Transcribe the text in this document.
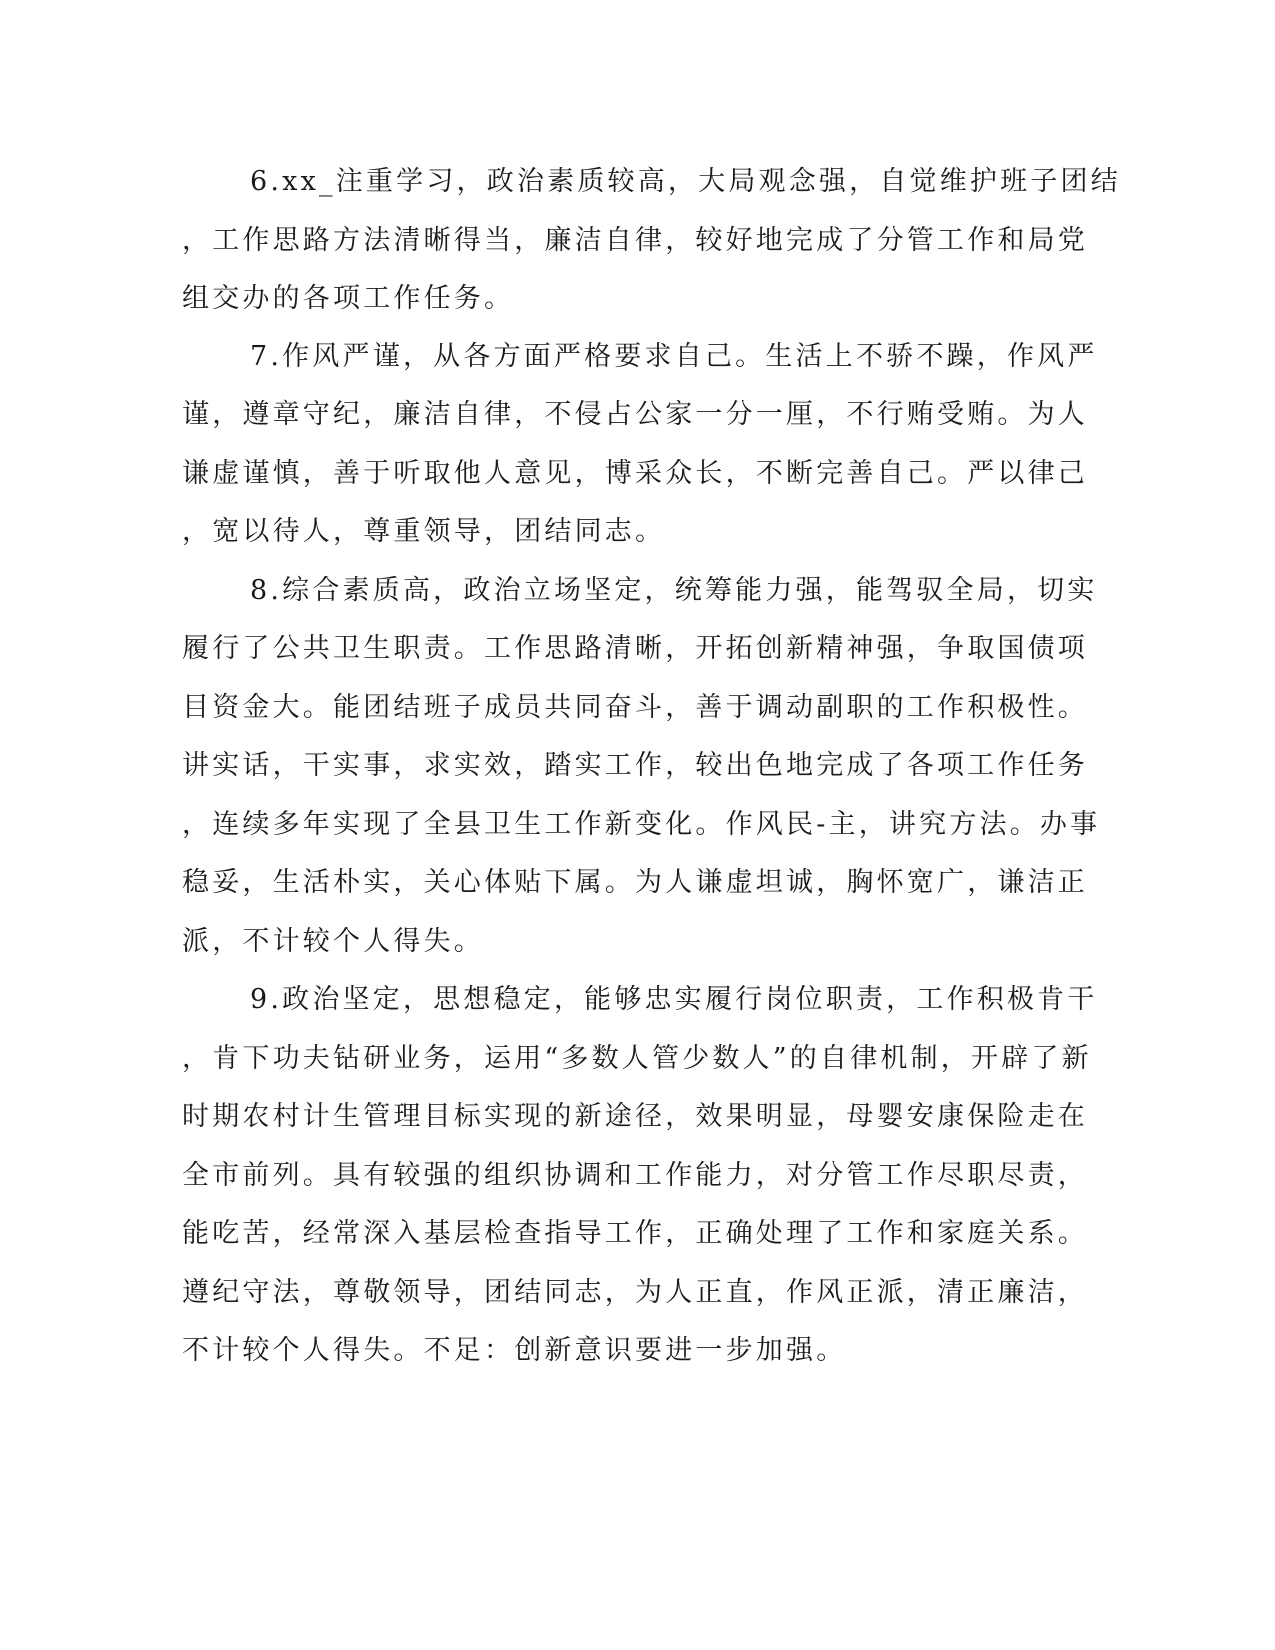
6.xx_注重学习，政治素质较高，大局观念强，自觉维护班子团结
，工作思路方法清晰得当，廉洁自律，较好地完成了分管工作和局党
组交办的各项工作任务。
7.作风严谨，从各方面严格要求自己。生活上不骄不躁，作风严
谨，遵章守纪，廉洁自律，不侵占公家一分一厘，不行贿受贿。为人
谦虚谨慎，善于听取他人意见，博采众长，不断完善自己。严以律己
，宽以待人，尊重领导，团结同志。
8.综合素质高，政治立场坚定，统筹能力强，能驾驭全局，切实
履行了公共卫生职责。工作思路清晰，开拓创新精神强，争取国债项
目资金大。能团结班子成员共同奋斗，善于调动副职的工作积极性。
讲实话，干实事，求实效，踏实工作，较出色地完成了各项工作任务
，连续多年实现了全县卫生工作新变化。作风民-主，讲究方法。办事
稳妥，生活朴实，关心体贴下属。为人谦虚坦诚，胸怀宽广，谦洁正
派，不计较个人得失。
9.政治坚定，思想稳定，能够忠实履行岗位职责，工作积极肯干
，肯下功夫钻研业务，运用“多数人管少数人”的自律机制，开辟了新
时期农村计生管理目标实现的新途径，效果明显，母婴安康保险走在
全市前列。具有较强的组织协调和工作能力，对分管工作尽职尽责，
能吃苦，经常深入基层检查指导工作，正确处理了工作和家庭关系。
遵纪守法，尊敬领导，团结同志，为人正直，作风正派，清正廉洁，
不计较个人得失。不足：创新意识要进一步加强。
